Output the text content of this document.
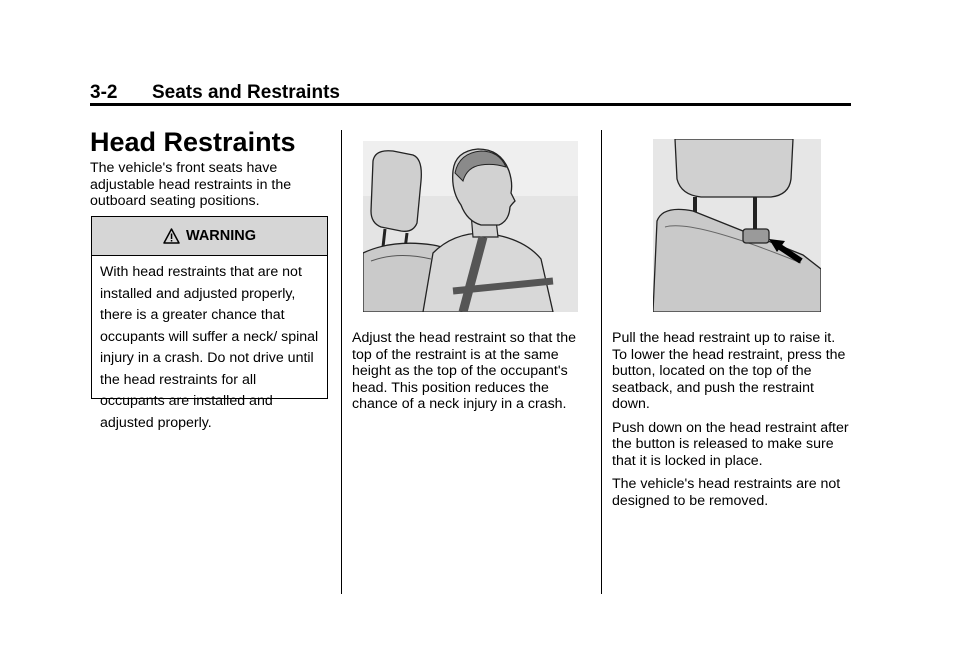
3-2 Seats and Restraints
Head Restraints

The vehicle's front seats have adjustable head restraints in the outboard seating positions.

WARNING
With head restraints that are not installed and adjusted properly, there is a greater chance that occupants will suffer a neck/ spinal injury in a crash. Do not drive until the head restraints for all occupants are installed and adjusted properly.

Adjust the head restraint so that the top of the restraint is at the same height as the top of the occupant's head. This position reduces the chance of a neck injury in a crash.

Pull the head restraint up to raise it. To lower the head restraint, press the button, located on the top of the seatback, and push the restraint down.

Push down on the head restraint after the button is released to make sure that it is locked in place.

The vehicle's head restraints are not designed to be removed.
